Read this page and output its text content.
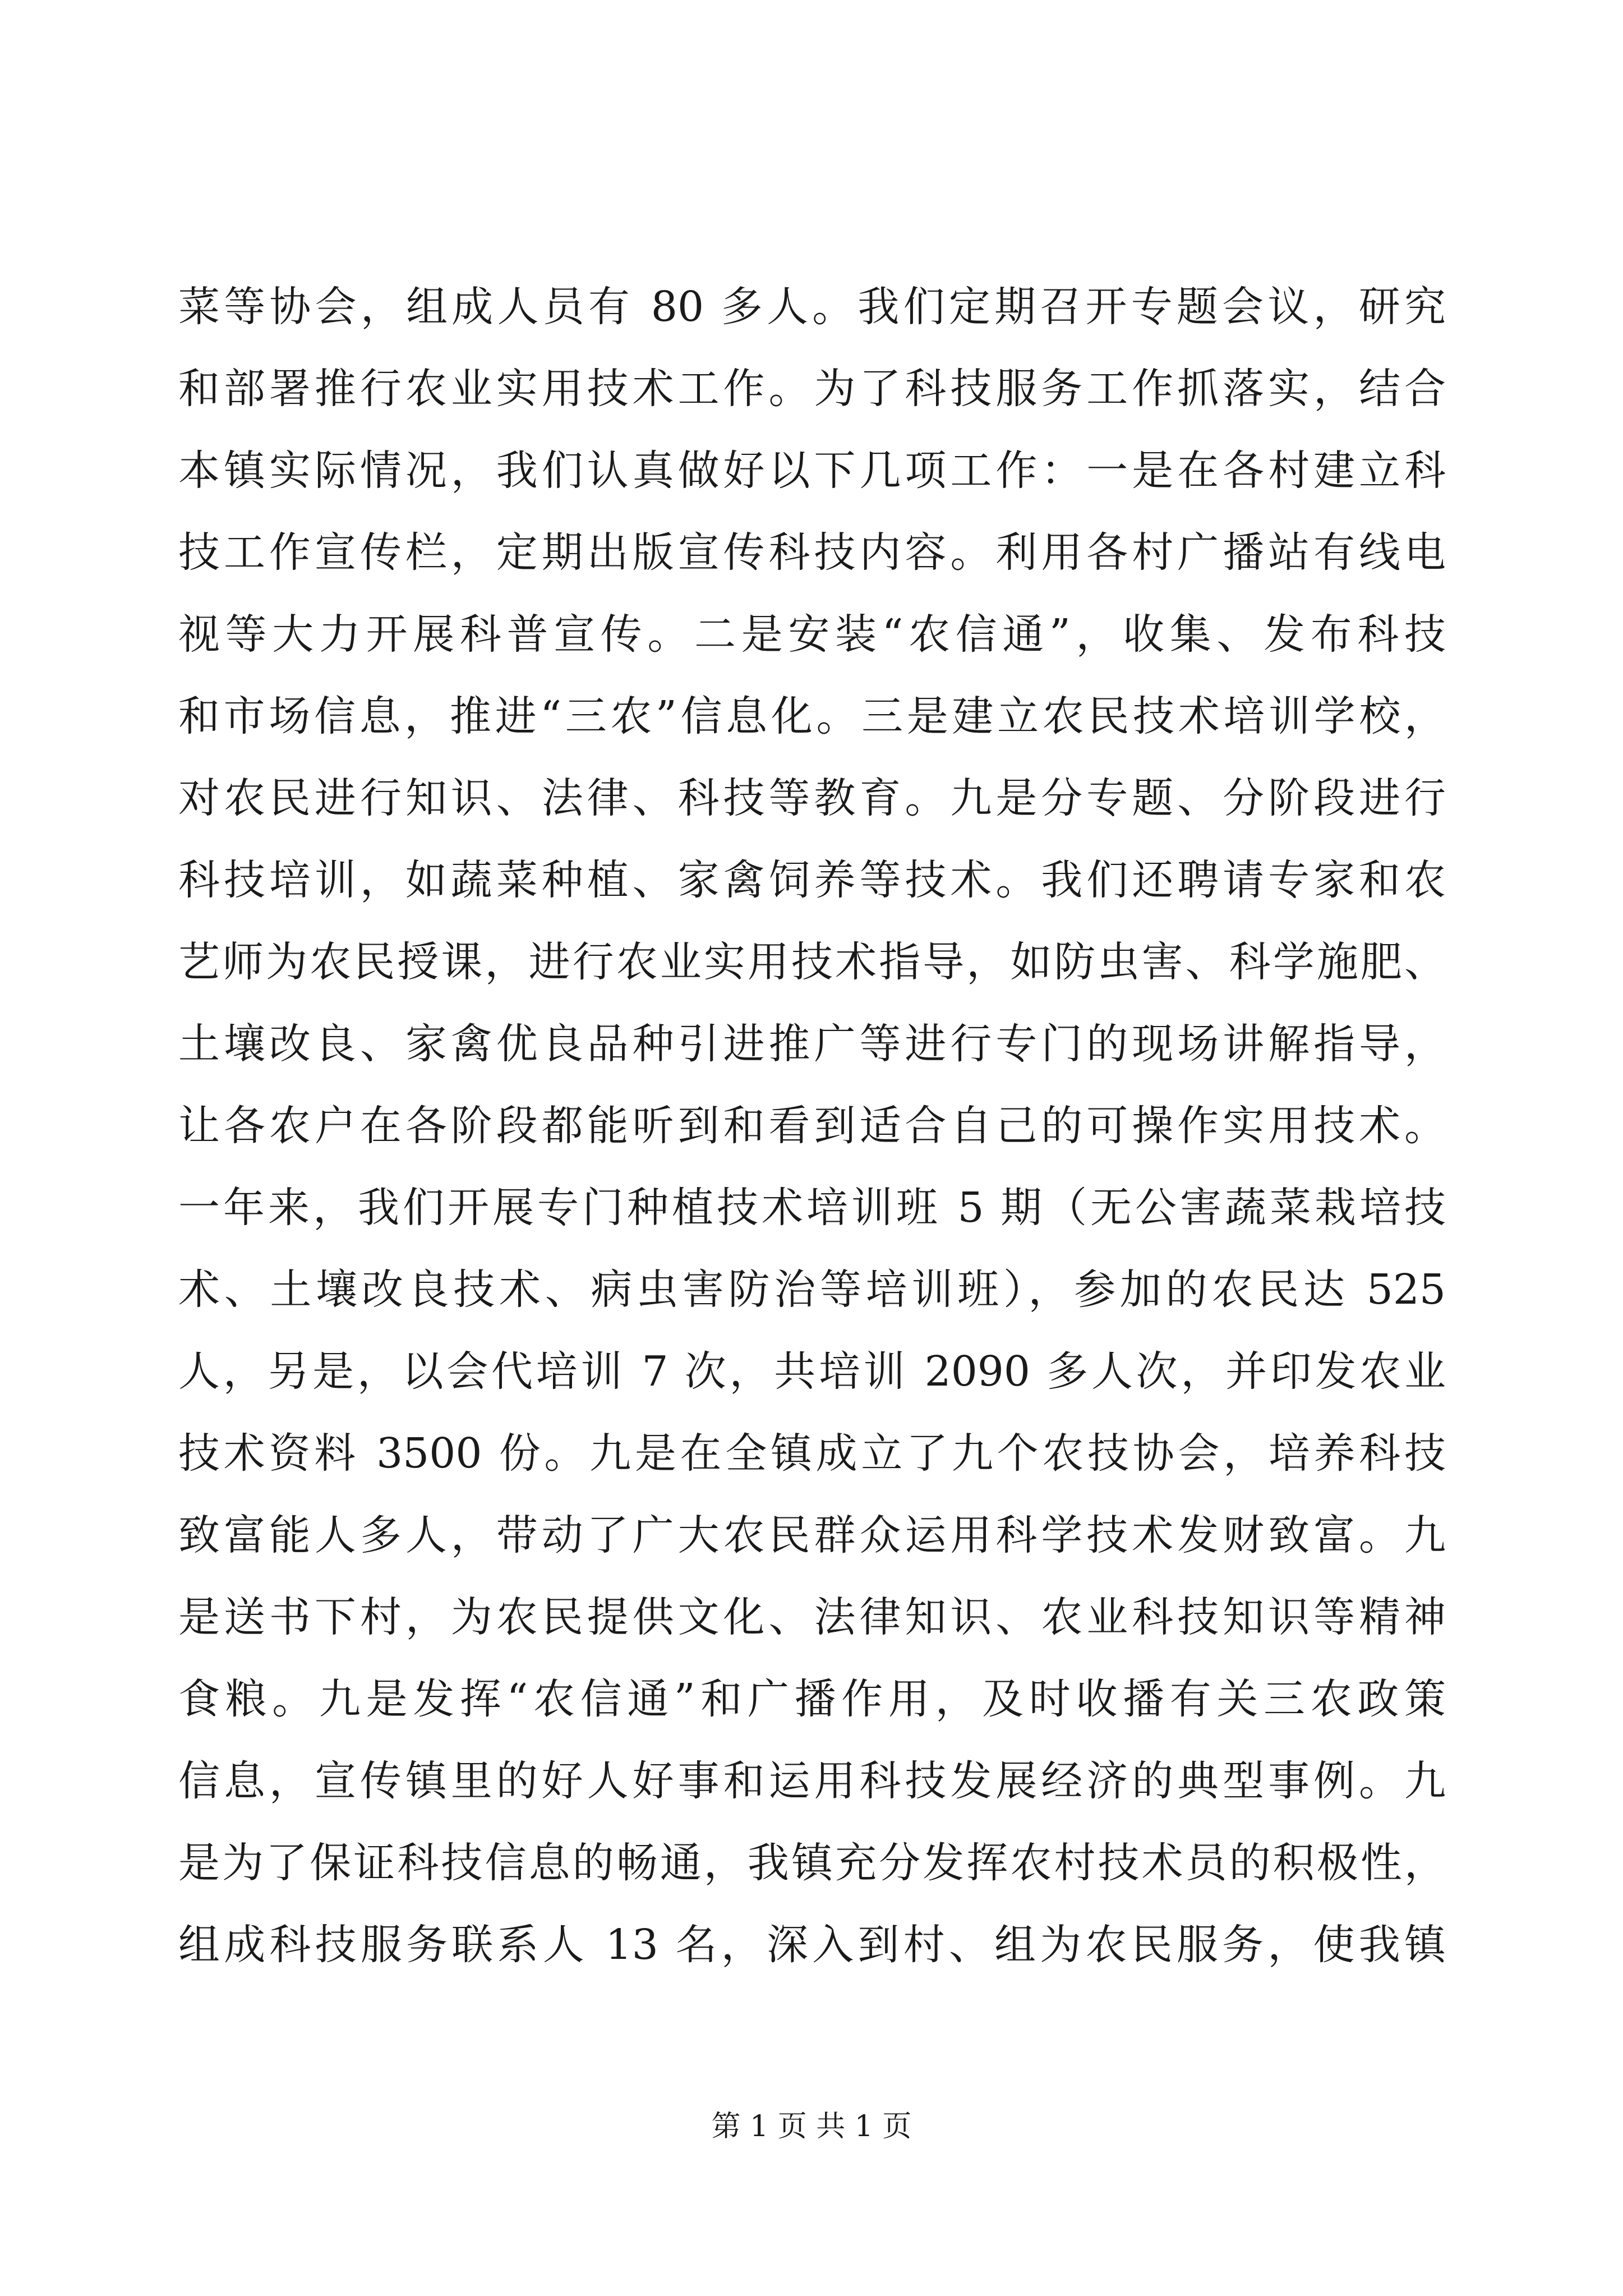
菜等协会，组成人员有 80 多人。我们定期召开专题会议，研究
和部署推行农业实用技术工作。为了科技服务工作抓落实，结合
本镇实际情况，我们认真做好以下几项工作：一是在各村建立科
技工作宣传栏，定期出版宣传科技内容。利用各村广播站有线电
视等大力开展科普宣传。二是安装“农信通”，收集、发布科技
和市场信息，推进“三农”信息化。三是建立农民技术培训学校，
对农民进行知识、法律、科技等教育。九是分专题、分阶段进行
科技培训，如蔬菜种植、家禽饲养等技术。我们还聘请专家和农
艺师为农民授课，进行农业实用技术指导，如防虫害、科学施肥、
土壤改良、家禽优良品种引进推广等进行专门的现场讲解指导，
让各农户在各阶段都能听到和看到适合自己的可操作实用技术。
一年来，我们开展专门种植技术培训班 5 期（无公害蔬菜栽培技
术、土壤改良技术、病虫害防治等培训班），参加的农民达 525
人，另是，以会代培训 7 次，共培训 2090 多人次，并印发农业
技术资料 3500 份。九是在全镇成立了九个农技协会，培养科技
致富能人多人，带动了广大农民群众运用科学技术发财致富。九
是送书下村，为农民提供文化、法律知识、农业科技知识等精神
食粮。九是发挥“农信通”和广播作用，及时收播有关三农政策
信息，宣传镇里的好人好事和运用科技发展经济的典型事例。九
是为了保证科技信息的畅通，我镇充分发挥农村技术员的积极性，
组成科技服务联系人 13 名，深入到村、组为农民服务，使我镇
第 1 页 共 1 页
